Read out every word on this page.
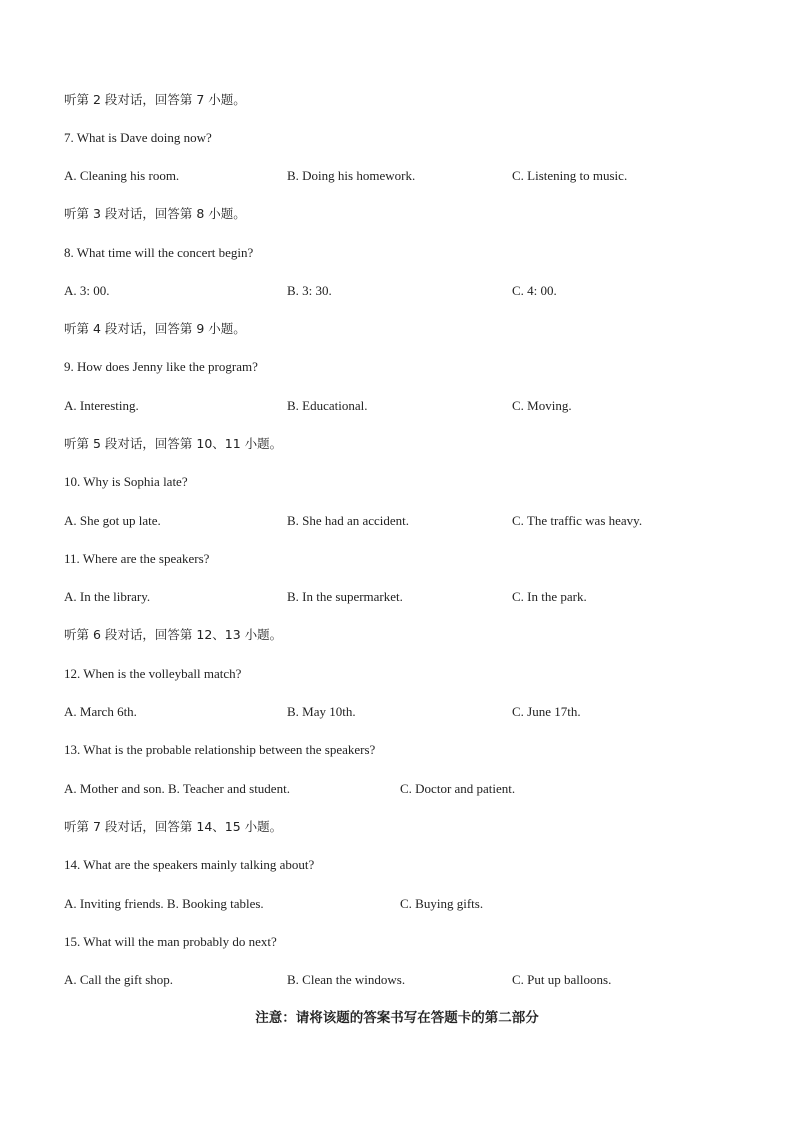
听第 2 段对话，回答第 7 小题。
7. What is Dave doing now?
A. Cleaning his room.	B. Doing his homework.	C. Listening to music.
听第 3 段对话，回答第 8 小题。
8. What time will the concert begin?
A. 3: 00.	B. 3: 30.	C. 4: 00.
听第 4 段对话，回答第 9 小题。
9. How does Jenny like the program?
A. Interesting.	B. Educational.	C. Moving.
听第 5 段对话，回答第 10、11 小题。
10. Why is Sophia late?
A. She got up late.	B. She had an accident.	C. The traffic was heavy.
11. Where are the speakers?
A. In the library.	B. In the supermarket.	C. In the park.
听第 6 段对话，回答第 12、13 小题。
12. When is the volleyball match?
A. March 6th.	B. May 10th.	C. June 17th.
13. What is the probable relationship between the speakers?
A. Mother and son. B. Teacher and student.	C. Doctor and patient.
听第 7 段对话，回答第 14、15 小题。
14. What are the speakers mainly talking about?
A. Inviting friends. B. Booking tables.	C. Buying gifts.
15. What will the man probably do next?
A. Call the gift shop.	B. Clean the windows.	C. Put up balloons.
注意：请将该题的答案书写在答题卡的第二部分
